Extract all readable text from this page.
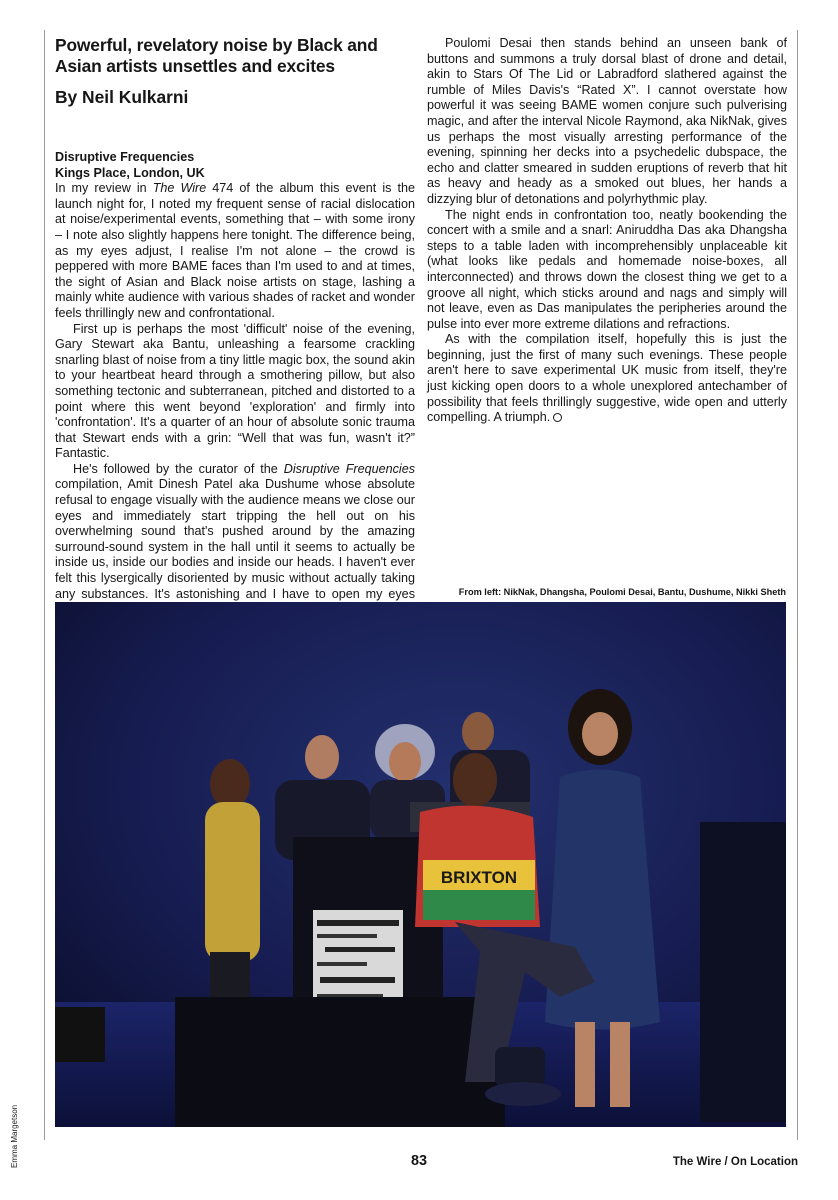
Powerful, revelatory noise by Black and Asian artists unsettles and excites
By Neil Kulkarni

Disruptive Frequencies

Kings Place, London, UK

In my review in The Wire 474 of the album this event is the launch night for, I noted my frequent sense of racial dislocation at noise/experimental events, something that – with some irony – I note also slightly happens here tonight. The difference being, as my eyes adjust, I realise I'm not alone – the crowd is peppered with more BAME faces than I'm used to and at times, the sight of Asian and Black noise artists on stage, lashing a mainly white audience with various shades of racket and wonder feels thrillingly new and confrontational.

First up is perhaps the most 'difficult' noise of the evening, Gary Stewart aka Bantu, unleashing a fearsome crackling snarling blast of noise from a tiny little magic box, the sound akin to your heartbeat heard through a smothering pillow, but also something tectonic and subterranean, pitched and distorted to a point where this went beyond 'exploration' and firmly into 'confrontation'. It's a quarter of an hour of absolute sonic trauma that Stewart ends with a grin: “Well that was fun, wasn't it?” Fantastic.

He's followed by the curator of the Disruptive Frequencies compilation, Amit Dinesh Patel aka Dushume whose absolute refusal to engage visually with the audience means we close our eyes and immediately start tripping the hell out on his overwhelming sound that's pushed around by the amazing surround-sound system in the hall until it seems to actually be inside us, inside our bodies and inside our heads. I haven't ever felt this lysergically disoriented by music without actually taking any substances. It's astonishing and I have to open my eyes

Poulomi Desai then stands behind an unseen bank of buttons and summons a truly dorsal blast of drone and detail, akin to Stars Of The Lid or Labradford slathered against the rumble of Miles Davis's “Rated X”. I cannot overstate how powerful it was seeing BAME women conjure such pulverising magic, and after the interval Nicole Raymond, aka NikNak, gives us perhaps the most visually arresting performance of the evening, spinning her decks into a psychedelic dubspace, the echo and clatter smeared in sudden eruptions of reverb that hit as heavy and heady as a smoked out blues, her hands a dizzying blur of detonations and polyrhythmic play.

The night ends in confrontation too, neatly bookending the concert with a smile and a snarl: Aniruddha Das aka Dhangsha steps to a table laden with incomprehensibly unplaceable kit (what looks like pedals and homemade noise-boxes, all interconnected) and throws down the closest thing we get to a groove all night, which sticks around and nags and simply will not leave, even as Das manipulates the peripheries around the pulse into ever more extreme dilations and refractions.

As with the compilation itself, hopefully this is just the beginning, just the first of many such evenings. These people aren't here to save experimental UK music from itself, they're just kicking open doors to a whole unexplored antechamber of possibility that feels thrillingly suggestive, wide open and utterly compelling. A triumph.

From left: NikNak, Dhangsha, Poulomi Desai, Bantu, Dushume, Nikki Sheth
BRIXTON
Emma Margetson	83	The Wire / On Location
